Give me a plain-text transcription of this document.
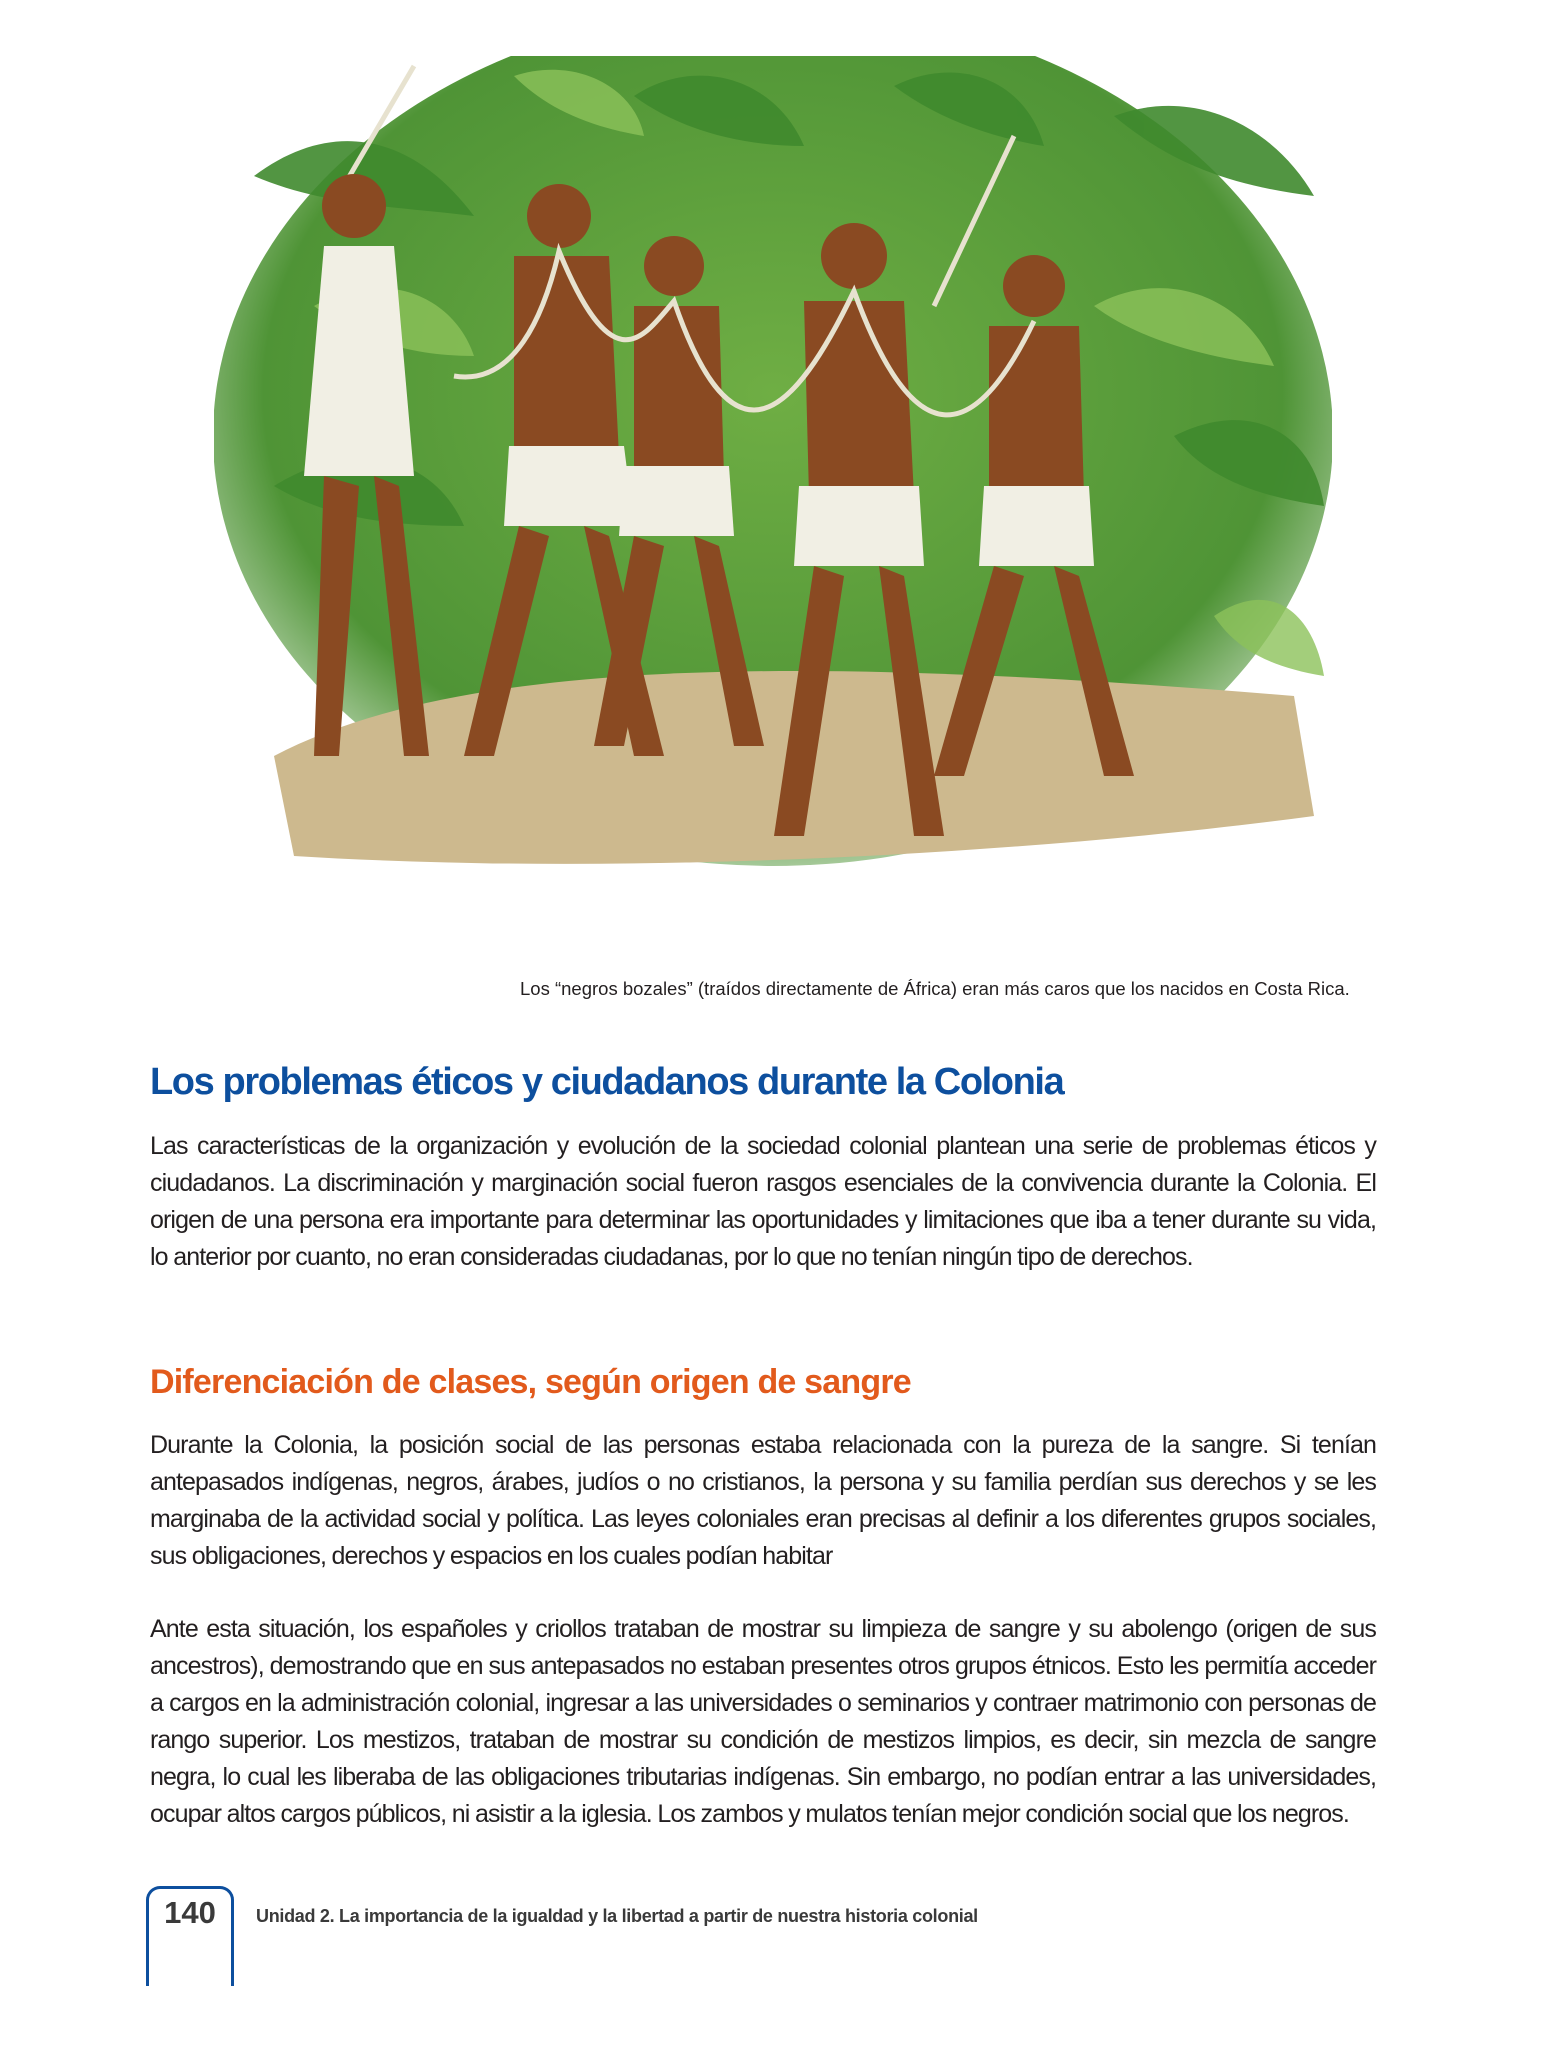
Los “negros bozales” (traídos directamente de África) eran más caros que los nacidos en Costa Rica.
Los problemas éticos y ciudadanos durante la Colonia

Las características de la organización y evolución de la sociedad colonial plantean una serie de problemas éticos y ciudadanos. La discriminación y marginación social fueron rasgos esenciales de la convivencia durante la Colonia. El origen de una persona era importante para determinar las oportunidades y limitaciones que iba a tener durante su vida, lo anterior por cuanto, no eran consideradas ciudadanas, por lo que no tenían ningún tipo de derechos.

Diferenciación de clases, según origen de sangre

Durante la Colonia, la posición social de las personas estaba relacionada con la pureza de la sangre. Si tenían antepasados indígenas, negros, árabes, judíos o no cristianos, la persona y su familia perdían sus derechos y se les marginaba de la actividad social y política. Las leyes coloniales eran precisas al definir a los diferentes grupos sociales, sus obligaciones, derechos y espacios en los cuales podían habitar

Ante esta situación, los españoles y criollos trataban de mostrar su limpieza de sangre y su abolengo (origen de sus ancestros), demostrando que en sus antepasados no estaban presentes otros grupos étnicos. Esto les permitía acceder a cargos en la administración colonial, ingresar a las universidades o seminarios y contraer matrimonio con personas de rango superior. Los mestizos, trataban de mostrar su condición de mestizos limpios, es decir, sin mezcla de sangre negra, lo cual les liberaba de las obligaciones tributarias indígenas. Sin embargo, no podían entrar a las universidades, ocupar altos cargos públicos, ni asistir a la iglesia. Los zambos y mulatos tenían mejor condición social que los negros.

140	Unidad 2. La importancia de la igualdad y la libertad a partir de nuestra historia colonial
